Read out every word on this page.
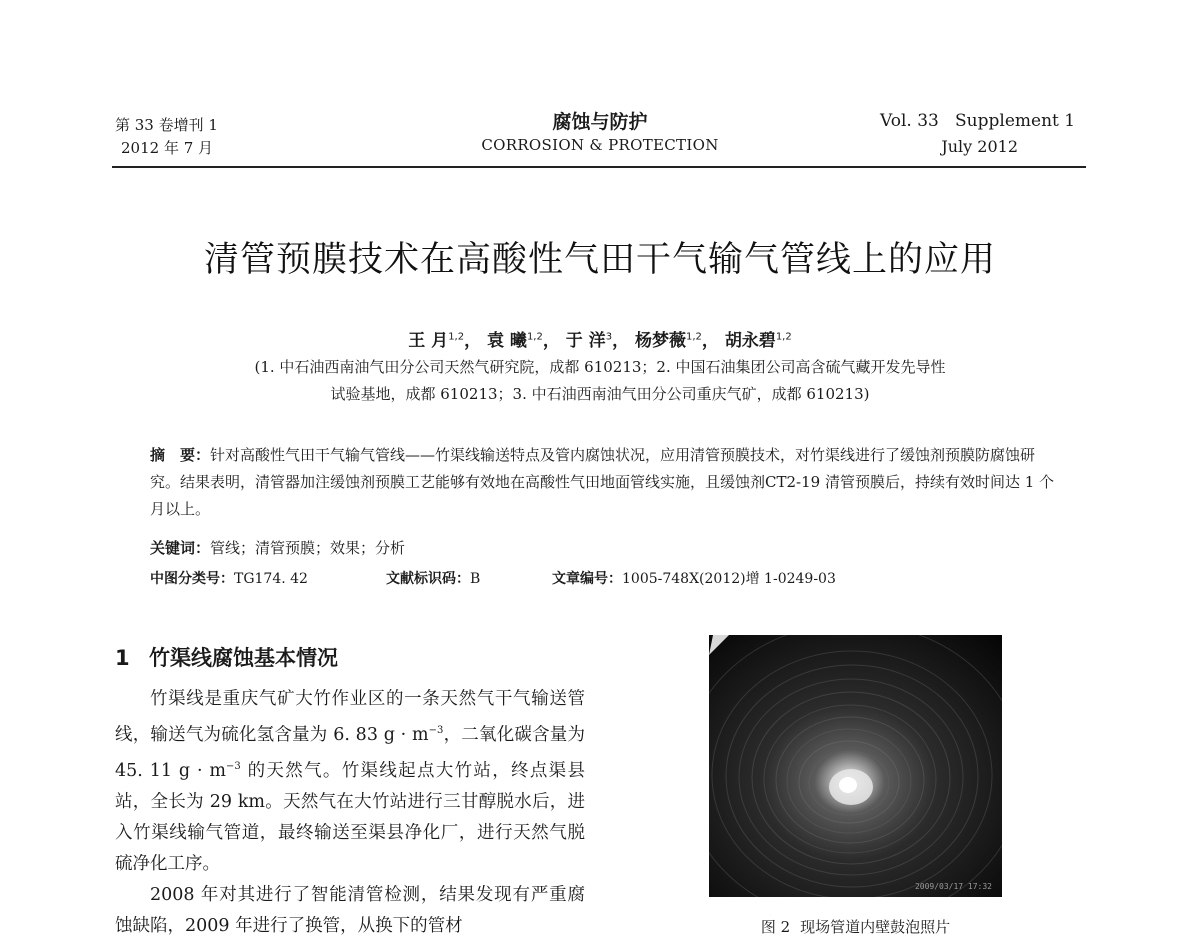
第 33 卷增刊 1
2012 年 7 月
腐蚀与防护
CORROSION & PROTECTION
Vol. 33   Supplement 1
July 2012
清管预膜技术在高酸性气田干气输气管线上的应用
王 月$^{1,2}$， 袁 曦$^{1,2}$， 于 洋$^3$， 杨梦薇$^{1,2}$， 胡永碧$^{1,2}$
(1. 中石油西南油气田分公司天然气研究院，成都 610213；2. 中国石油集团公司高含硫气藏开发先导性
试验基地，成都 610213；3. 中石油西南油气田分公司重庆气矿，成都 610213)
摘　要：针对高酸性气田干气输气管线——竹渠线输送特点及管内腐蚀状况，应用清管预膜技术，对竹渠线进行了缓蚀剂预膜防腐蚀研究。结果表明，清管器加注缓蚀剂预膜工艺能够有效地在高酸性气田地面管线实施，且缓蚀剂CT2-19 清管预膜后，持续有效时间达 1 个月以上。
关键词：管线；清管预膜；效果；分析
中图分类号：TG174. 42	文献标识码：B	文章编号：1005-748X(2012)增 1-0249-03
1 竹渠线腐蚀基本情况

竹渠线是重庆气矿大竹作业区的一条天然气干气输送管线，输送气为硫化氢含量为 6. 83 $g \cdot m^{-3}$，二氧化碳含量为 45. 11 $g \cdot m^{-3}$ 的天然气。竹渠线起点大竹站，终点渠县站，全长为 29 km。天然气在大竹站进行三甘醇脱水后，进入竹渠线输气管道，最终输送至渠县净化厂，进行天然气脱硫净化工序。

2008 年对其进行了智能清管检测，结果发现有严重腐蚀缺陷，2009 年进行了换管，从换下的管材

2009/03/17 17:32
图 2 现场管道内壁鼓泡照片
